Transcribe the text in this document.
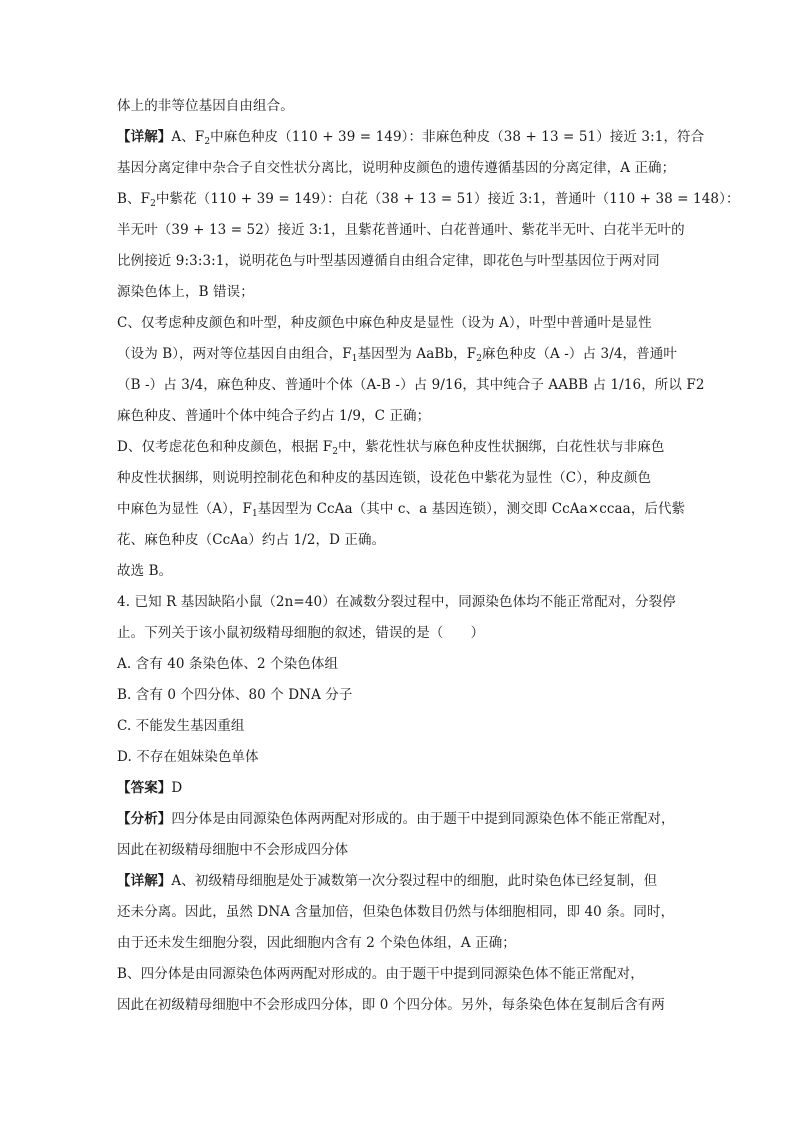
体上的非等位基因自由组合。
【详解】A、$F_2$中麻色种皮（110 + 39 = 149）：非麻色种皮（38 + 13 = 51）接近 3:1，符合
基因分离定律中杂合子自交性状分离比，说明种皮颜色的遗传遵循基因的分离定律，A 正确；
B、$F_2$中紫花（110 + 39 = 149）：白花（38 + 13 = 51）接近 3:1，普通叶（110 + 38 = 148）：
半无叶（39 + 13 = 52）接近 3:1，且紫花普通叶、白花普通叶、紫花半无叶、白花半无叶的
比例接近 9:3:3:1，说明花色与叶型基因遵循自由组合定律，即花色与叶型基因位于两对同
源染色体上，B 错误；
C、仅考虑种皮颜色和叶型，种皮颜色中麻色种皮是显性（设为 A），叶型中普通叶是显性
（设为 B），两对等位基因自由组合，$F_1$基因型为 AaBb，$F_2$麻色种皮（A -）占 3/4，普通叶
（B -）占 3/4，麻色种皮、普通叶个体（A-B -）占 9/16，其中纯合子 AABB 占 1/16，所以 F2
麻色种皮、普通叶个体中纯合子约占 1/9，C 正确；
D、仅考虑花色和种皮颜色，根据 $F_2$中，紫花性状与麻色种皮性状捆绑，白花性状与非麻色
种皮性状捆绑，则说明控制花色和种皮的基因连锁，设花色中紫花为显性（C），种皮颜色
中麻色为显性（A），$F_1$基因型为 CcAa（其中 c、a 基因连锁），测交即 CcAa×ccaa，后代紫
花、麻色种皮（CcAa）约占 1/2，D 正确。
故选 B。
4. 已知 R 基因缺陷小鼠（2n=40）在减数分裂过程中，同源染色体均不能正常配对，分裂停
止。下列关于该小鼠初级精母细胞的叙述，错误的是（　　）
A. 含有 40 条染色体、2 个染色体组
B. 含有 0 个四分体、80 个 DNA 分子
C. 不能发生基因重组
D. 不存在姐妹染色单体
【答案】D
【分析】四分体是由同源染色体两两配对形成的。由于题干中提到同源染色体不能正常配对，
因此在初级精母细胞中不会形成四分体
【详解】A、初级精母细胞是处于减数第一次分裂过程中的细胞，此时染色体已经复制，但
还未分离。因此，虽然 DNA 含量加倍，但染色体数目仍然与体细胞相同，即 40 条。同时，
由于还未发生细胞分裂，因此细胞内含有 2 个染色体组，A 正确；
B、四分体是由同源染色体两两配对形成的。由于题干中提到同源染色体不能正常配对，
因此在初级精母细胞中不会形成四分体，即 0 个四分体。另外，每条染色体在复制后含有两
